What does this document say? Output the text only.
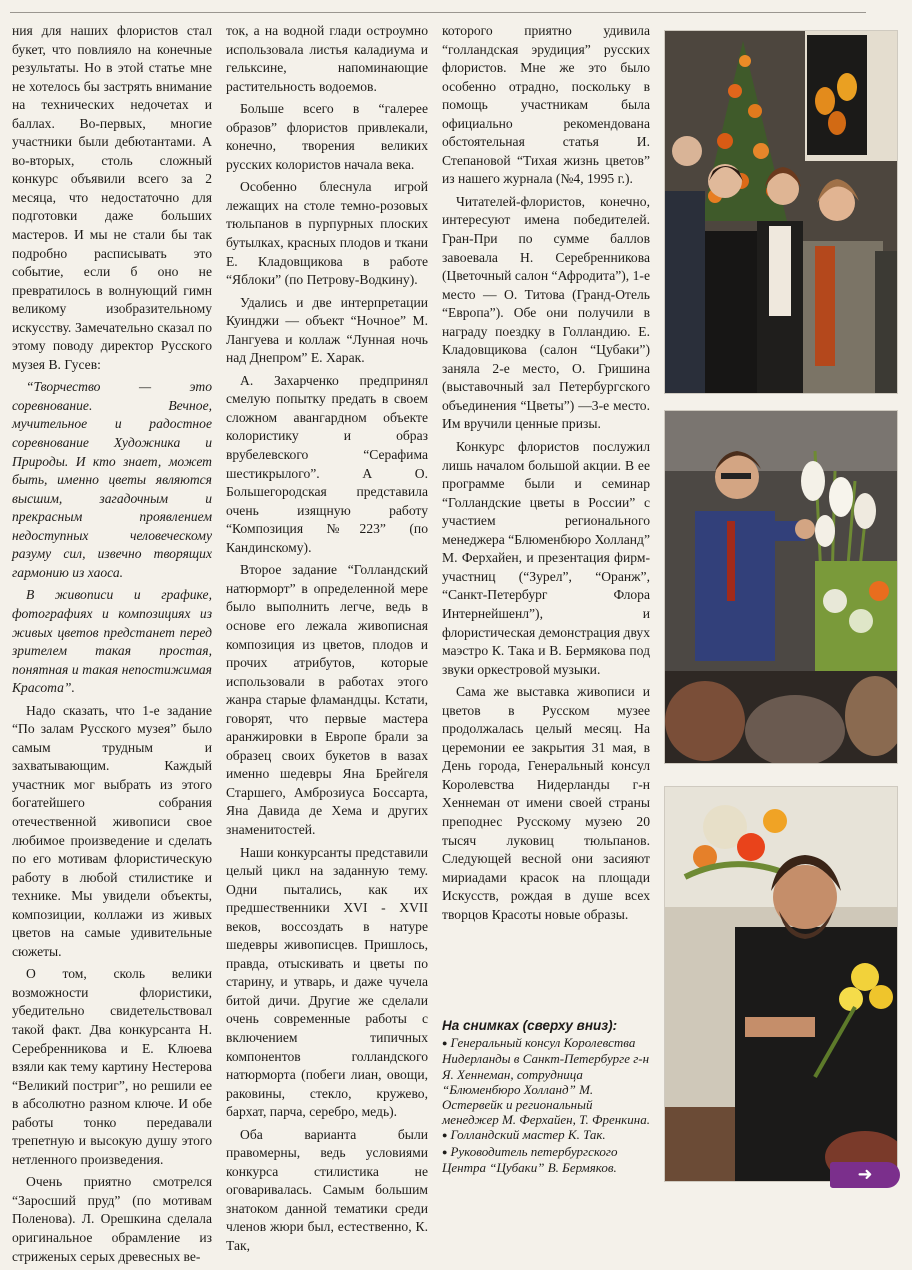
ния для наших флористов стал букет, что повлияло на конечные результаты. Но в этой статье мне не хотелось бы застрять внимание на технических недочетах и баллах. Во-первых, многие участники были дебютантами. А во-вторых, столь сложный конкурс объявили всего за 2 месяца, что недостаточно для подготовки даже больших мастеров. И мы не стали бы так подробно расписывать это событие, если б оно не превратилось в волнующий гимн великому изобразительному искусству. Замечательно сказал по этому поводу директор Русского музея В. Гусев:

“Творчество — это соревнование. Вечное, мучительное и радостное соревнование Художника и Природы. И кто знает, может быть, именно цветы являются высшим, загадочным и прекрасным проявлением недоступных человеческому разуму сил, извечно творящих гармонию из хаоса.

В живописи и графике, фотографиях и композициях из живых цветов предстанет перед зрителем такая простая, понятная и такая непостижимая Красота”.

Надо сказать, что 1-е задание “По залам Русского музея” было самым трудным и захватывающим. Каждый участник мог выбрать из этого богатейшего собрания отечественной живописи свое любимое произведение и сделать по его мотивам флористическую работу в любой стилистике и технике. Мы увидели объекты, композиции, коллажи из живых цветов на самые удивительные сюжеты.

О том, сколь велики возможности флористики, убедительно свидетельствовал такой факт. Два конкурсанта Н. Серебренникова и Е. Клюева взяли как тему картину Нестерова “Великий постриг”, но решили ее в абсолютно разном ключе. И обе работы тонко передавали трепетную и высокую душу этого нетленного произведения.

Очень приятно смотрелся “Заросший пруд” (по мотивам Поленова). Л. Орешкина сделала оригинальное обрамление из стриженых серых древесных ве-

ток, а на водной глади остроумно использовала листья каладиума и гельксине, напоминающие растительность водоемов.

Больше всего в “галерее образов” флористов привлекали, конечно, творения великих русских колористов начала века.

Особенно блеснула игрой лежащих на столе темно-розовых тюльпанов в пурпурных плоских бутылках, красных плодов и ткани Е. Кладовщикова в работе “Яблоки” (по Петрову-Водкину).

Удались и две интерпретации Куинджи — объект “Ночное” М. Лангуева и коллаж “Лунная ночь над Днепром” Е. Харак.

А. Захарченко предпринял смелую попытку предать в своем сложном авангардном объекте колористику и образ врубелевского “Серафима шестикрылого”. А О. Большегородская представила очень изящную работу “Композиция №223” (по Кандинскому).

Второе задание “Голландский натюрморт” в определенной мере было выполнить легче, ведь в основе его лежала живописная композиция из цветов, плодов и прочих атрибутов, которые использовали в работах этого жанра старые фламандцы. Кстати, говорят, что первые мастера аранжировки в Европе брали за образец своих букетов в вазах именно шедевры Яна Брейгеля Старшего, Амброзиуса Боссарта, Яна Давида де Хема и других знаменитостей.

Наши конкурсанты представили целый цикл на заданную тему. Одни пытались, как их предшественники XVI - XVII веков, воссоздать в натуре шедевры живописцев. Пришлось, правда, отыскивать и цветы по старину, и утварь, и даже чучела битой дичи. Другие же сделали очень современные работы с включением типичных компонентов голландского натюрморта (побеги лиан, овощи, раковины, стекло, кружево, бархат, парча, серебро, медь).

Оба варианта были правомерны, ведь условиями конкурса стилистика не оговаривалась. Самым большим знатоком данной тематики среди членов жюри был, естественно, К. Так,

которого приятно удивила “голландская эрудиция” русских флористов. Мне же это было особенно отрадно, поскольку в помощь участникам была официально рекомендована обстоятельная статья И. Степановой “Тихая жизнь цветов” из нашего журнала (№4, 1995 г.).

Читателей-флористов, конечно, интересуют имена победителей. Гран-При по сумме баллов завоевала Н. Серебренникова (Цветочный салон “Афродита”), 1-е место — О. Титова (Гранд-Отель “Европа”). Обе они получили в награду поездку в Голландию. Е. Кладовщикова (салон “Цубаки”) заняла 2-е место, О. Гришина (выставочный зал Петербургского объединения “Цветы”) —3-е место. Им вручили ценные призы.

Конкурс флористов послужил лишь началом большой акции. В ее программе были и семинар “Голландские цветы в России” с участием регионального менеджера “Блюменбюро Холланд” М. Ферхайен, и презентация фирм-участниц (“Зурел”, “Оранж”, “Санкт-Петербург Флора Интернейшенл”), и флористическая демонстрация двух маэстро К. Така и В. Бермякова под звуки оркестровой музыки.

Сама же выставка живописи и цветов в Русском музее продолжалась целый месяц. На церемонии ее закрытия 31 мая, в День города, Генеральный консул Королевства Нидерланды г-н Хеннеман от имени своей страны преподнес Русскому музею 20 тысяч луковиц тюльпанов. Следующей весной они засияют мириадами красок на площади Искусств, рождая в душе всех творцов Красоты новые образы.

На снимках (сверху вниз):

● Генеральный консул Королевства Нидерланды в Санкт-Петербурге г-н Я. Хеннеман, сотрудница “Блюменбюро Холланд” М. Остервейк и региональный менеджер М. Ферхайен, Т. Френкина.

● Голландский мастер К. Так.

● Руководитель петербургского Центра “Цубаки” В. Бермяков.	➜
